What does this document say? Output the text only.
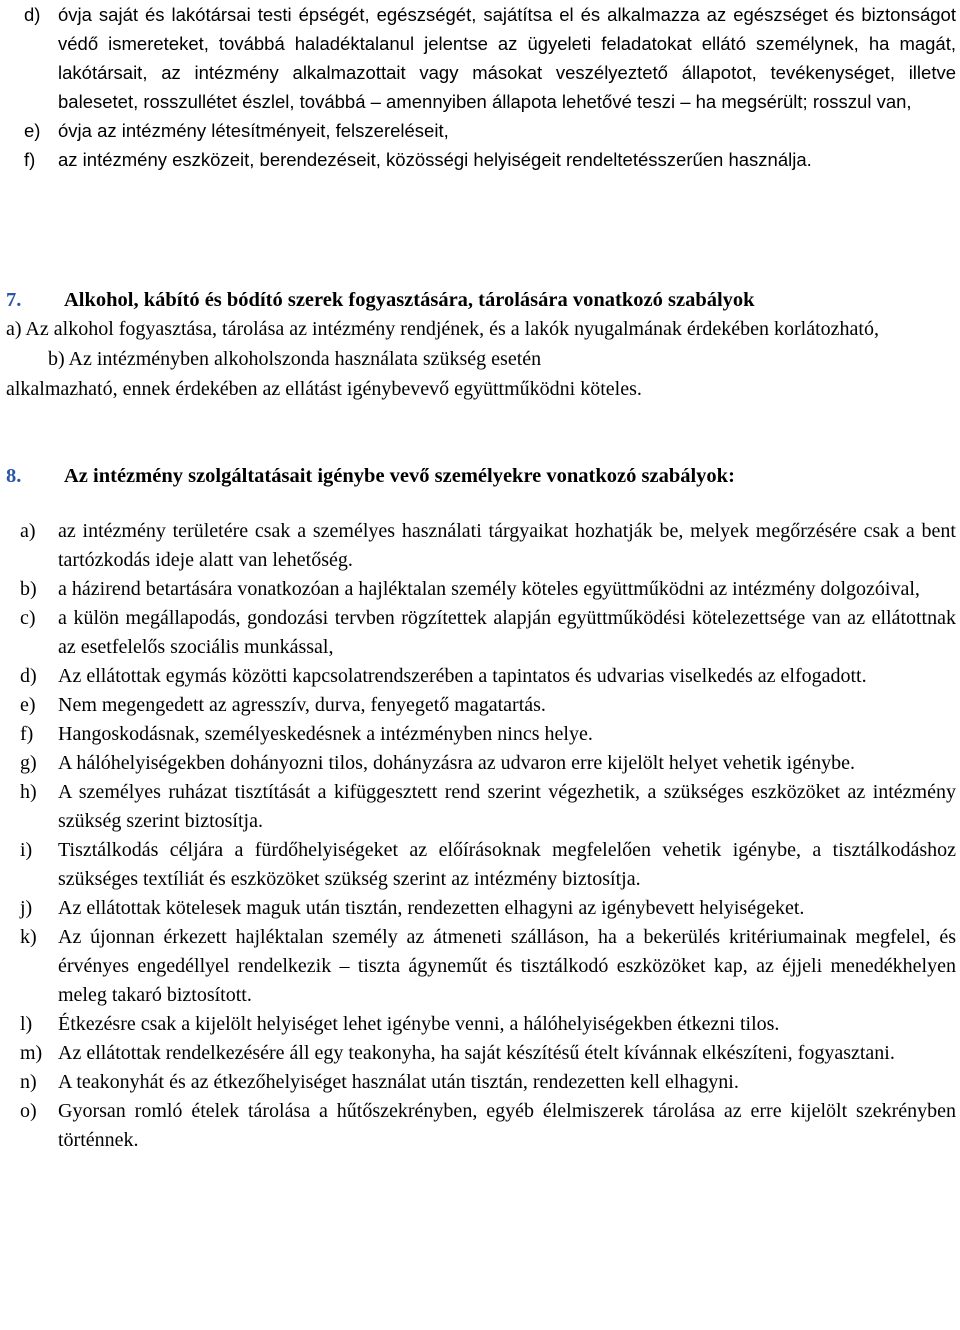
d) óvja saját és lakótársai testi épségét, egészségét, sajátítsa el és alkalmazza az egészséget és biztonságot védő ismereteket, továbbá haladéktalanul jelentse az ügyeleti feladatokat ellátó személynek, ha magát, lakótársait, az intézmény alkalmazottait vagy másokat veszélyeztető állapotot, tevékenységet, illetve balesetet, rosszullétet észlel, továbbá – amennyiben állapota lehetővé teszi – ha megsérült; rosszul van,
e) óvja az intézmény létesítményeit, felszereléseit,
f) az intézmény eszközeit, berendezéseit, közösségi helyiségeit rendeltetésszerűen használja.
7. Alkohol, kábító és bódító szerek fogyasztására, tárolására vonatkozó szabályok
a) Az alkohol fogyasztása, tárolása az intézmény rendjének, és a lakók nyugalmának érdekében korlátozható,
b) Az intézményben alkoholszonda használata szükség esetén
alkalmazható, ennek érdekében az ellátást igénybevevő együttműködni köteles.
8. Az intézmény szolgáltatásait igénybe vevő személyekre vonatkozó szabályok:
a) az intézmény területére csak a személyes használati tárgyaikat hozhatják be, melyek megőrzésére csak a bent tartózkodás ideje alatt van lehetőség.
b) a házirend betartására vonatkozóan a hajléktalan személy köteles együttműködni az intézmény dolgozóival,
c) a külön megállapodás, gondozási tervben rögzítettek alapján együttműködési kötelezettsége van az ellátottnak az esetfelelős szociális munkással,
d) Az ellátottak egymás közötti kapcsolatrendszerében a tapintatos és udvarias viselkedés az elfogadott.
e) Nem megengedett az agresszív, durva, fenyegető magatartás.
f) Hangoskodásnak, személyeskedésnek a intézményben nincs helye.
g) A hálóhelyiségekben dohányozni tilos, dohányzásra az udvaron erre kijelölt helyet vehetik igénybe.
h) A személyes ruházat tisztítását a kifüggesztett rend szerint végezhetik, a szükséges eszközöket az intézmény szükség szerint biztosítja.
i) Tisztálkodás céljára a fürdőhelyiségeket az előírásoknak megfelelően vehetik igénybe, a tisztálkodáshoz szükséges textíliát és eszközöket szükség szerint az intézmény biztosítja.
j) Az ellátottak kötelesek maguk után tisztán, rendezetten elhagyni az igénybevett helyiségeket.
k) Az újonnan érkezett hajléktalan személy az átmeneti szálláson, ha a bekerülés kritériumainak megfelel, és érvényes engedéllyel rendelkezik – tiszta ágyneműt és tisztálkodó eszközöket kap, az éjjeli menedékhelyen meleg takaró biztosított.
l) Étkezésre csak a kijelölt helyiséget lehet igénybe venni, a hálóhelyiségekben étkezni tilos.
m) Az ellátottak rendelkezésére áll egy teakonyha, ha saját készítésű ételt kívánnak elkészíteni, fogyasztani.
n) A teakonyhát és az étkezőhelyiséget használat után tisztán, rendezetten kell elhagyni.
o) Gyorsan romló ételek tárolása a hűtőszekrényben, egyéb élelmiszerek tárolása az erre kijelölt szekrényben történnek.
